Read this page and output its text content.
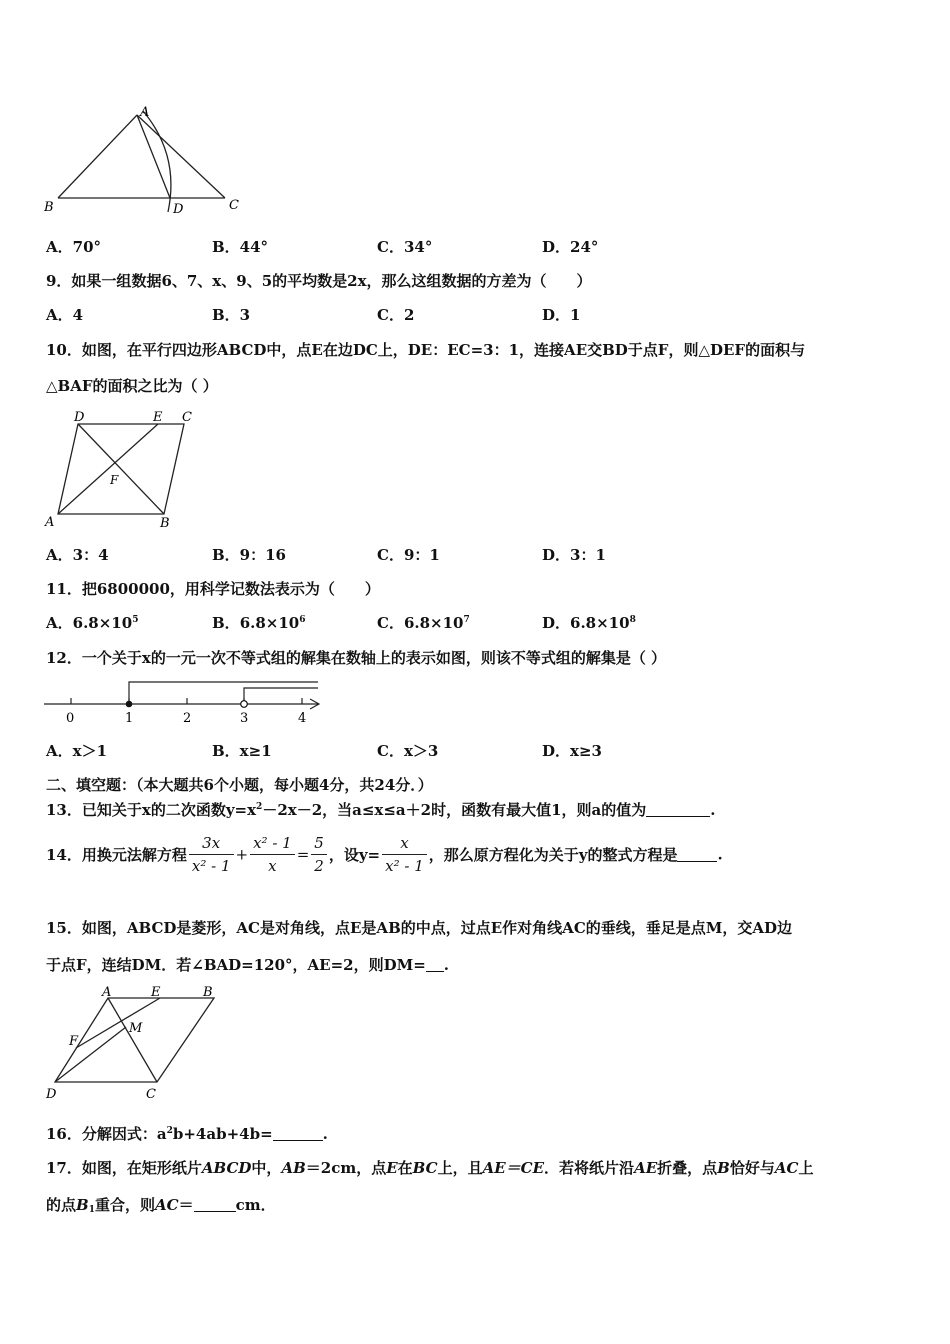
A
B	D	C
A．70°	B．44°	C．34°	D．24°
9．如果一组数据6、7、x、9、5的平均数是2x，那么这组数据的方差为（　　）
A．4	B．3	C．2	D．1
10．如图，在平行四边形ABCD中，点E在边DC上，DE：EC=3：1，连接AE交BD于点F，则△DEF的面积与
△BAF的面积之比为（ ）
D	E C
F
A	B
A．3：4	B．9：16	C．9：1	D．3：1
11．把6800000，用科学记数法表示为（　　）
A．$6.8\times 10^5$	B．$6.8\times 10^6$	C．$6.8\times 10^7$	D．$6.8\times 10^8$
12．一个关于x的一元一次不等式组的解集在数轴上的表示如图，则该不等式组的解集是（ ）
0	1	2	3	4
A．x＞1	B．x≥1	C．x＞3	D．x≥3
二、填空题：（本大题共6个小题，每小题4分，共24分．）
13．已知关于x的二次函数$y=x^2-2x-2$，当a≤x≤a＋2时，函数有最大值1，则a的值为	.
14．用换元法解方程 $\frac{3x}{\text{x² - 1}} + \frac{\text{x² - 1}}{x} = \frac{5}{2}$ ，设$y= \frac{x}{\text{x² - 1}}$ ，那么原方程化为关于y的整式方程是	.
15．如图，ABCD是菱形，AC是对角线，点E是AB的中点，过点E作对角线AC的垂线，垂足是点M，交AD边
于点F，连结DM．若∠BAD=120°，AE=2，则DM= .
A	E	B
F
M
D	C
16．分解因式：$a^2b+4ab+4b=$	.
17．如图，在矩形纸片ABCD中，AB＝2cm，点E在BC上，且AE＝CE．若将纸片沿AE折叠，点B恰好与AC上
的点$B_1$重合，则AC＝	cm．
